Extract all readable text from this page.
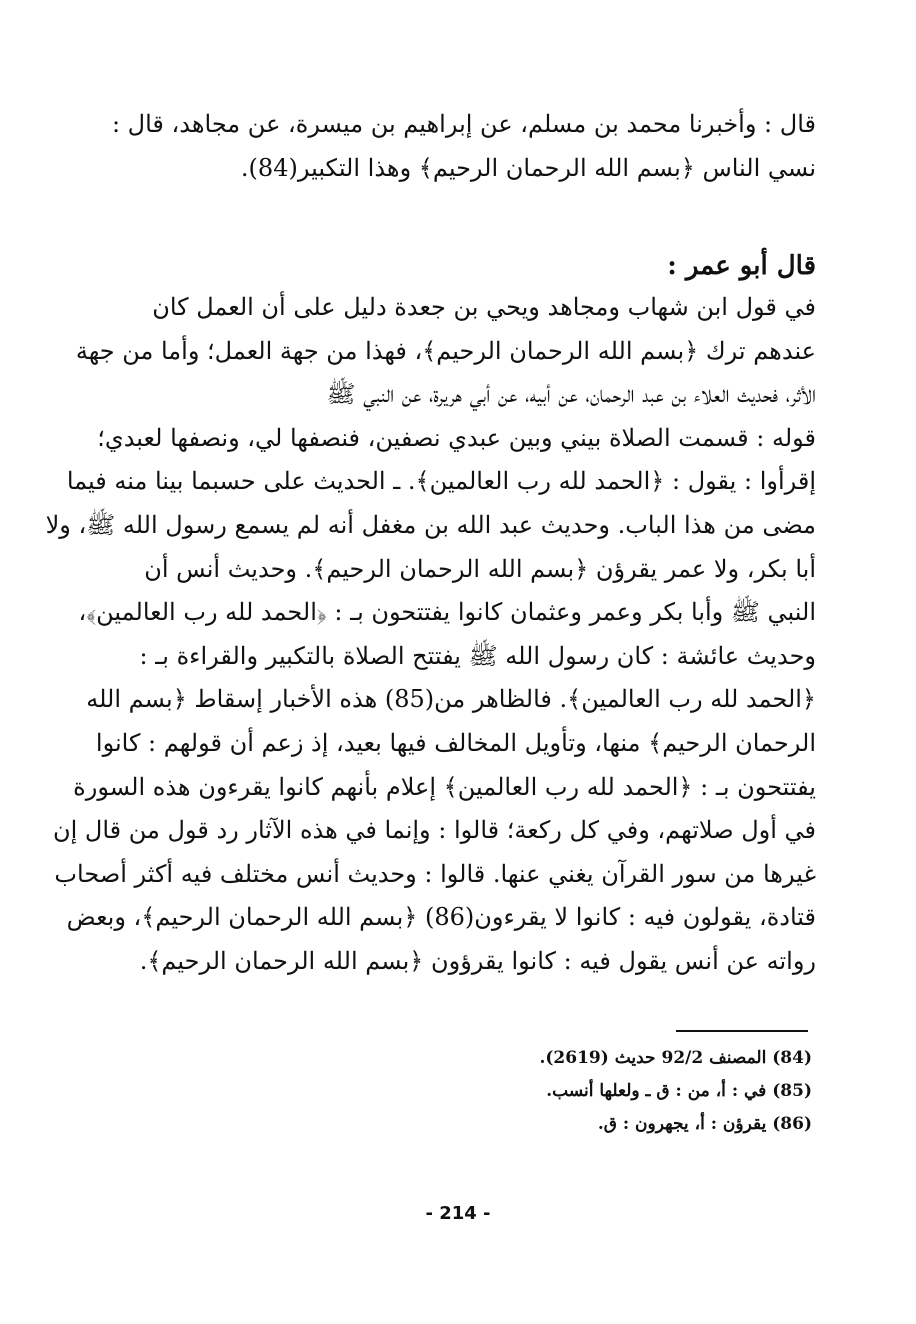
قال : وأخبرنا محمد بن مسلم، عن إبراهيم بن ميسرة، عن مجاهد، قال :
نسي الناس ﴿بسم الله الرحمان الرحيم﴾ وهذا التكبير(84).
قال أبو عمر :
في قول ابن شهاب ومجاهد ويحي بن جعدة دليل على أن العمل كان
عندهم ترك ﴿بسم الله الرحمان الرحيم﴾، فهذا من جهة العمل؛ وأما من جهة
الأثر، فحديث العلاء بن عبد الرحمان، عن أبيه، عن أبي هريرة، عن النبي ﷺ
قوله : قسمت الصلاة بيني وبين عبدي نصفين، فنصفها لي، ونصفها لعبدي؛
إقرأوا : يقول : ﴿الحمد لله رب العالمين﴾. ـ الحديث على حسبما بينا منه فيما
مضى من هذا الباب. وحديث عبد الله بن مغفل أنه لم يسمع رسول الله ﷺ، ولا
أبا بكر، ولا عمر يقرؤن ﴿بسم الله الرحمان الرحيم﴾. وحديث أنس أن
النبي ﷺ وأبا بكر وعمر وعثمان كانوا يفتتحون بـ : ﴿الحمد لله رب العالمين﴾،
وحديث عائشة : كان رسول الله ﷺ يفتتح الصلاة بالتكبير والقراءة بـ :
﴿الحمد لله رب العالمين﴾. فالظاهر من(85) هذه الأخبار إسقاط ﴿بسم الله
الرحمان الرحيم﴾ منها، وتأويل المخالف فيها بعيد، إذ زعم أن قولهم : كانوا
يفتتحون بـ : ﴿الحمد لله رب العالمين﴾ إعلام بأنهم كانوا يقرءون هذه السورة
في أول صلاتهم، وفي كل ركعة؛ قالوا : وإنما في هذه الآثار رد قول من قال إن
غيرها من سور القرآن يغني عنها. قالوا : وحديث أنس مختلف فيه أكثر أصحاب
قتادة، يقولون فيه : كانوا لا يقرءون(86) ﴿بسم الله الرحمان الرحيم﴾، وبعض
رواته عن أنس يقول فيه : كانوا يقرؤون ﴿بسم الله الرحمان الرحيم﴾.
(84) المصنف 92/2 حديث (2619).
(85) في : أ، من : ق ـ ولعلها أنسب.
(86) يقرؤن : أ، يجهرون : ق.
- 214 -
